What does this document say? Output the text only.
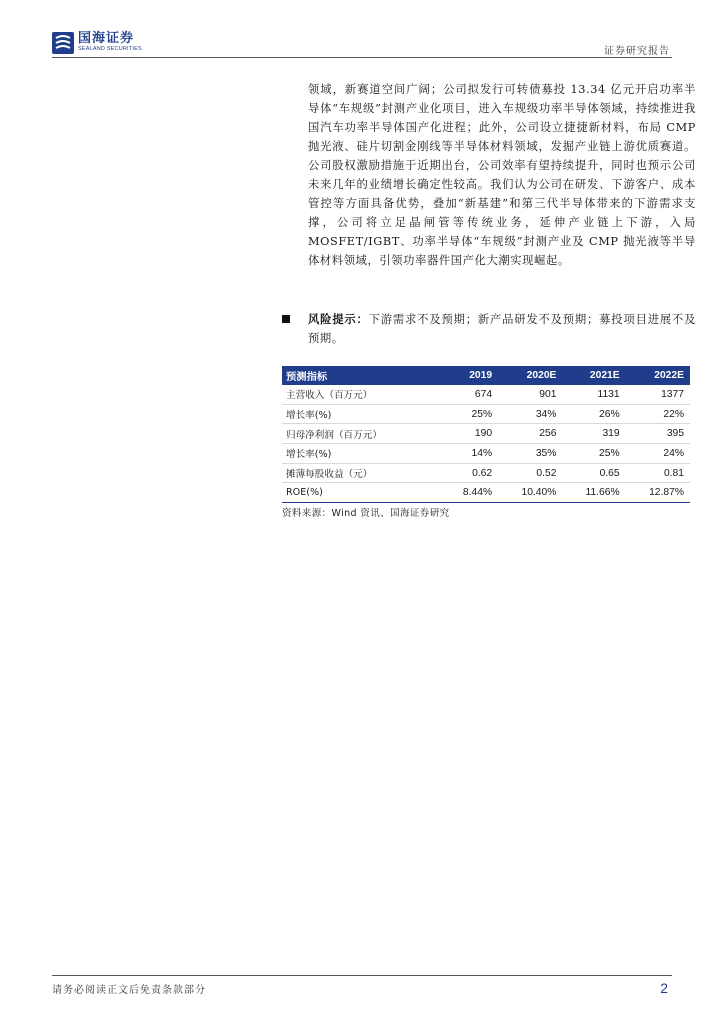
国海证券
SEALAND SECURITIES	证券研究报告

领域，新赛道空间广阔；公司拟发行可转债募投 13.34 亿元开启功率半导体“车规级”封测产业化项目，进入车规级功率半导体领域，持续推进我国汽车功率半导体国产化进程；此外，公司设立捷捷新材料，布局 CMP 抛光液、硅片切割金刚线等半导体材料领域，发掘产业链上游优质赛道。公司股权激励措施于近期出台，公司效率有望持续提升，同时也预示公司未来几年的业绩增长确定性较高。我们认为公司在研发、下游客户、成本管控等方面具备优势，叠加“新基建”和第三代半导体带来的下游需求支撑，公司将立足晶闸管等传统业务，延伸产业链上下游，入局 MOSFET/IGBT、功率半导体“车规级”封测产业及 CMP 抛光液等半导体材料领域，引领功率器件国产化大潮实现崛起。

风险提示：下游需求不及预期；新产品研发不及预期；募投项目进展不及预期。
预测指标	2019	2020E	2021E	2022E
主营收入（百万元）	674	901	1131	1377
增长率(%)	25%	34%	26%	22%
归母净利润（百万元）	190	256	319	395
增长率(%)	14%	35%	25%	24%
摊薄每股收益（元）	0.62	0.52	0.65	0.81
ROE(%)	8.44%	10.40%	11.66%	12.87%
资料来源：Wind 资讯、国海证券研究
请务必阅读正文后免责条款部分	2
